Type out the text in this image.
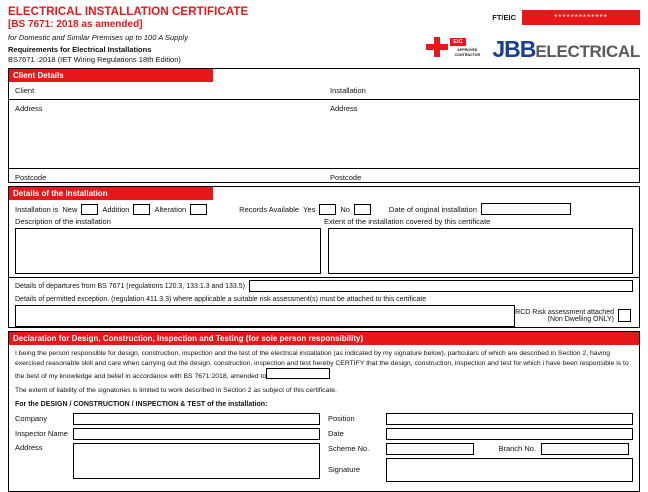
ELECTRICAL INSTALLATION CERTIFICATE
[BS 7671: 2018 as amended]
for Domestic and Similar Premises up to 100 A Supply
Requirements for Electrical Installations
BS7671 :2018 (IET Wiring Regulations 18th Edition)
FT/EIC	*************
EIC
APPROVED CONTRACTOR JBBELECTRICAL
Client Details
Client	Installation
Address	Address
Postcode	Postcode
Details of the Installation
Installation is New	Addition	Alteration	Records Available Yes	No	Date of original installation
Description of the installation	Extent of the installation covered by this certificate
Details of departures from BS 7671 (regulations 120.3, 133.1.3 and 133.5)
Details of permitted exception. (regulation 411.3.3) where applicable a suitable risk assessment(s) must be attached to this certificate
RCD Risk assessment attached
(Non Dwelling ONLY)
Declaration for Design, Construction, Inspection and Testing (for sole person responsibility)
I being the person responsible for design, construction, inspection and the test of the electrical installation (as indicated by my signature below), particulars of which are described in Section 2, having exercised reasonable skill and care when carrying out the design, construction, inspection and test hereby CERTIFY that the design, construction, inspection and test for which i have been responsible is to the best of my knowledge and belief in accordance with BS 7671:2018, amended to
The extent of liability of the signatories is limited to work described in Section 2 as subject of this certificate.
For the DESIGN / CONSTRUCTION / INSPECTION & TEST of the installation:
Company
Inspector Name
Address
Position
Date
Scheme No.	Branch No.
Signature
